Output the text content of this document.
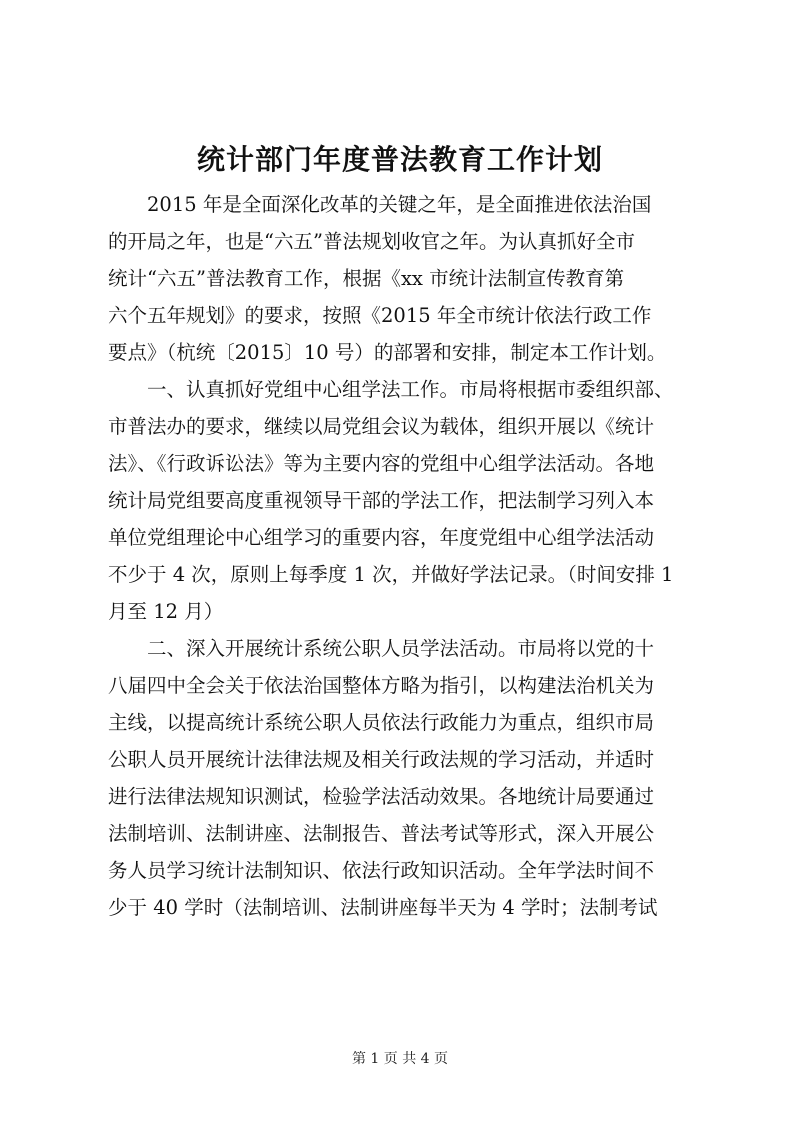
统计部门年度普法教育工作计划
　　2015 年是全面深化改革的关键之年，是全面推进依法治国
的开局之年，也是“六五”普法规划收官之年。为认真抓好全市
统计“六五”普法教育工作，根据《xx 市统计法制宣传教育第
六个五年规划》的要求，按照《2015 年全市统计依法行政工作
要点》（杭统〔2015〕10 号）的部署和安排，制定本工作计划。
　　一、认真抓好党组中心组学法工作。市局将根据市委组织部、
市普法办的要求，继续以局党组会议为载体，组织开展以《统计
法》、《行政诉讼法》等为主要内容的党组中心组学法活动。各地
统计局党组要高度重视领导干部的学法工作，把法制学习列入本
单位党组理论中心组学习的重要内容，年度党组中心组学法活动
不少于 4 次，原则上每季度 1 次，并做好学法记录。（时间安排 1
月至 12 月）
　　二、深入开展统计系统公职人员学法活动。市局将以党的十
八届四中全会关于依法治国整体方略为指引，以构建法治机关为
主线，以提高统计系统公职人员依法行政能力为重点，组织市局
公职人员开展统计法律法规及相关行政法规的学习活动，并适时
进行法律法规知识测试，检验学法活动效果。各地统计局要通过
法制培训、法制讲座、法制报告、普法考试等形式，深入开展公
务人员学习统计法制知识、依法行政知识活动。全年学法时间不
少于 40 学时（法制培训、法制讲座每半天为 4 学时；法制考试
第 1 页 共 4 页
